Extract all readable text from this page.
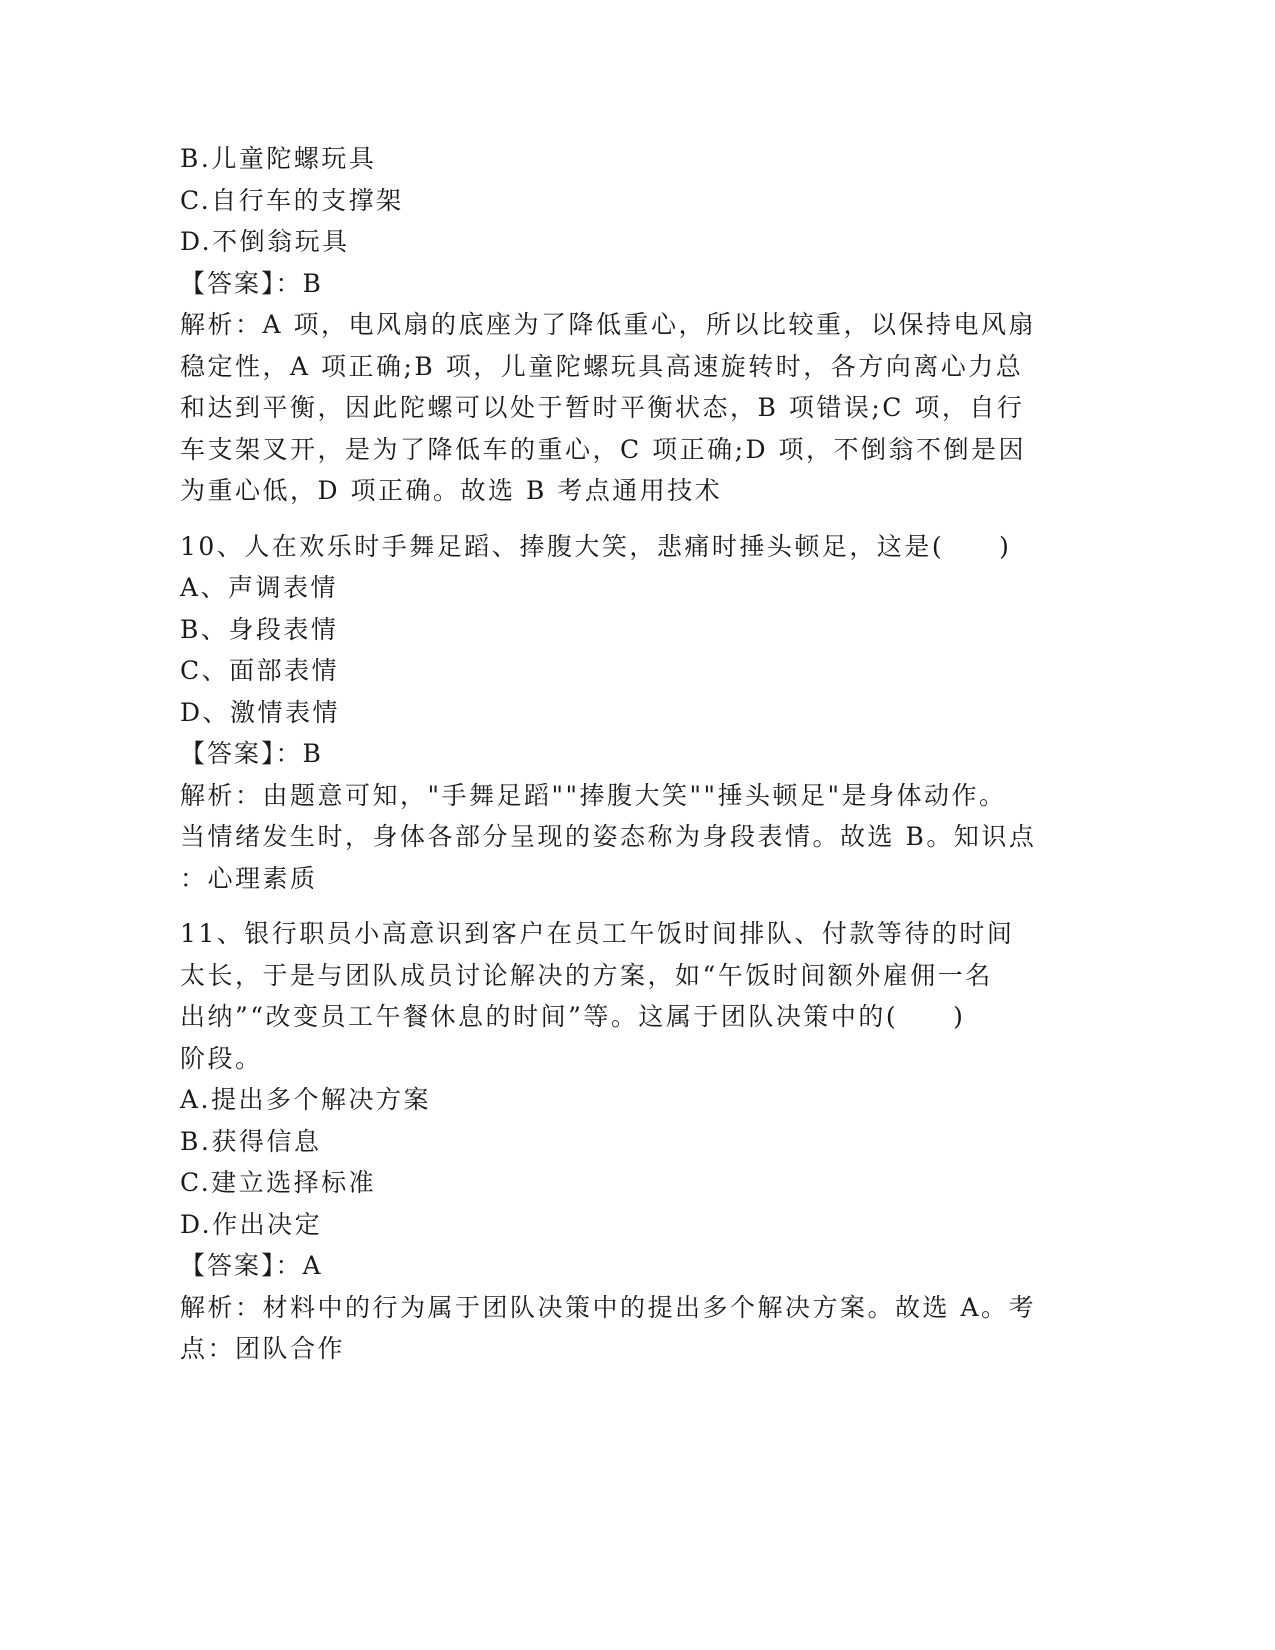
B.儿童陀螺玩具
C.自行车的支撑架
D.不倒翁玩具
【答案】：B
解析：A 项，电风扇的底座为了降低重心，所以比较重，以保持电风扇
稳定性，A 项正确;B 项，儿童陀螺玩具高速旋转时，各方向离心力总
和达到平衡，因此陀螺可以处于暂时平衡状态，B 项错误;C 项，自行
车支架叉开，是为了降低车的重心，C 项正确;D 项，不倒翁不倒是因
为重心低，D 项正确。故选 B 考点通用技术
10、人在欢乐时手舞足蹈、捧腹大笑，悲痛时捶头顿足，这是(　　)
A、声调表情
B、身段表情
C、面部表情
D、激情表情
【答案】：B
解析：由题意可知，"手舞足蹈""捧腹大笑""捶头顿足"是身体动作。
当情绪发生时，身体各部分呈现的姿态称为身段表情。故选 B。知识点
：心理素质
11、银行职员小高意识到客户在员工午饭时间排队、付款等待的时间
太长，于是与团队成员讨论解决的方案，如“午饭时间额外雇佣一名
出纳”“改变员工午餐休息的时间”等。这属于团队决策中的(　　)
阶段。
A.提出多个解决方案
B.获得信息
C.建立选择标准
D.作出决定
【答案】：A
解析：材料中的行为属于团队决策中的提出多个解决方案。故选 A。考
点：团队合作
